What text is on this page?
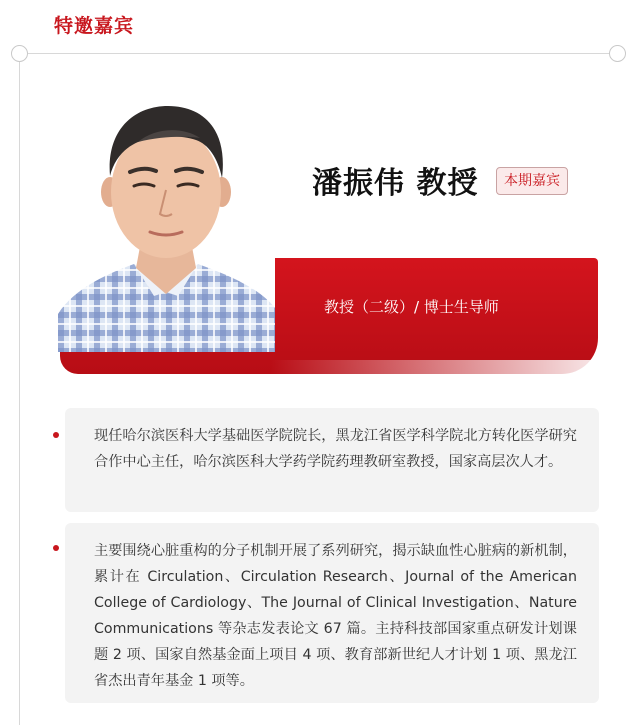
特邀嘉宾
潘振伟 教授	本期嘉宾
教授（二级）/ 博士生导师
现任哈尔滨医科大学基础医学院院长，黑龙江省医学科学院北方转化医学研究合作中心主任，哈尔滨医科大学药学院药理教研室教授，国家高层次人才。
主要围绕心脏重构的分子机制开展了系列研究，揭示缺血性心脏病的新机制，累计在 Circulation、Circulation Research、Journal of the American College of Cardiology、The Journal of Clinical Investigation、Nature Communications 等杂志发表论文 67 篇。主持科技部国家重点研发计划课题 2 项、国家自然基金面上项目 4 项、教育部新世纪人才计划 1 项、黑龙江省杰出青年基金 1 项等。
